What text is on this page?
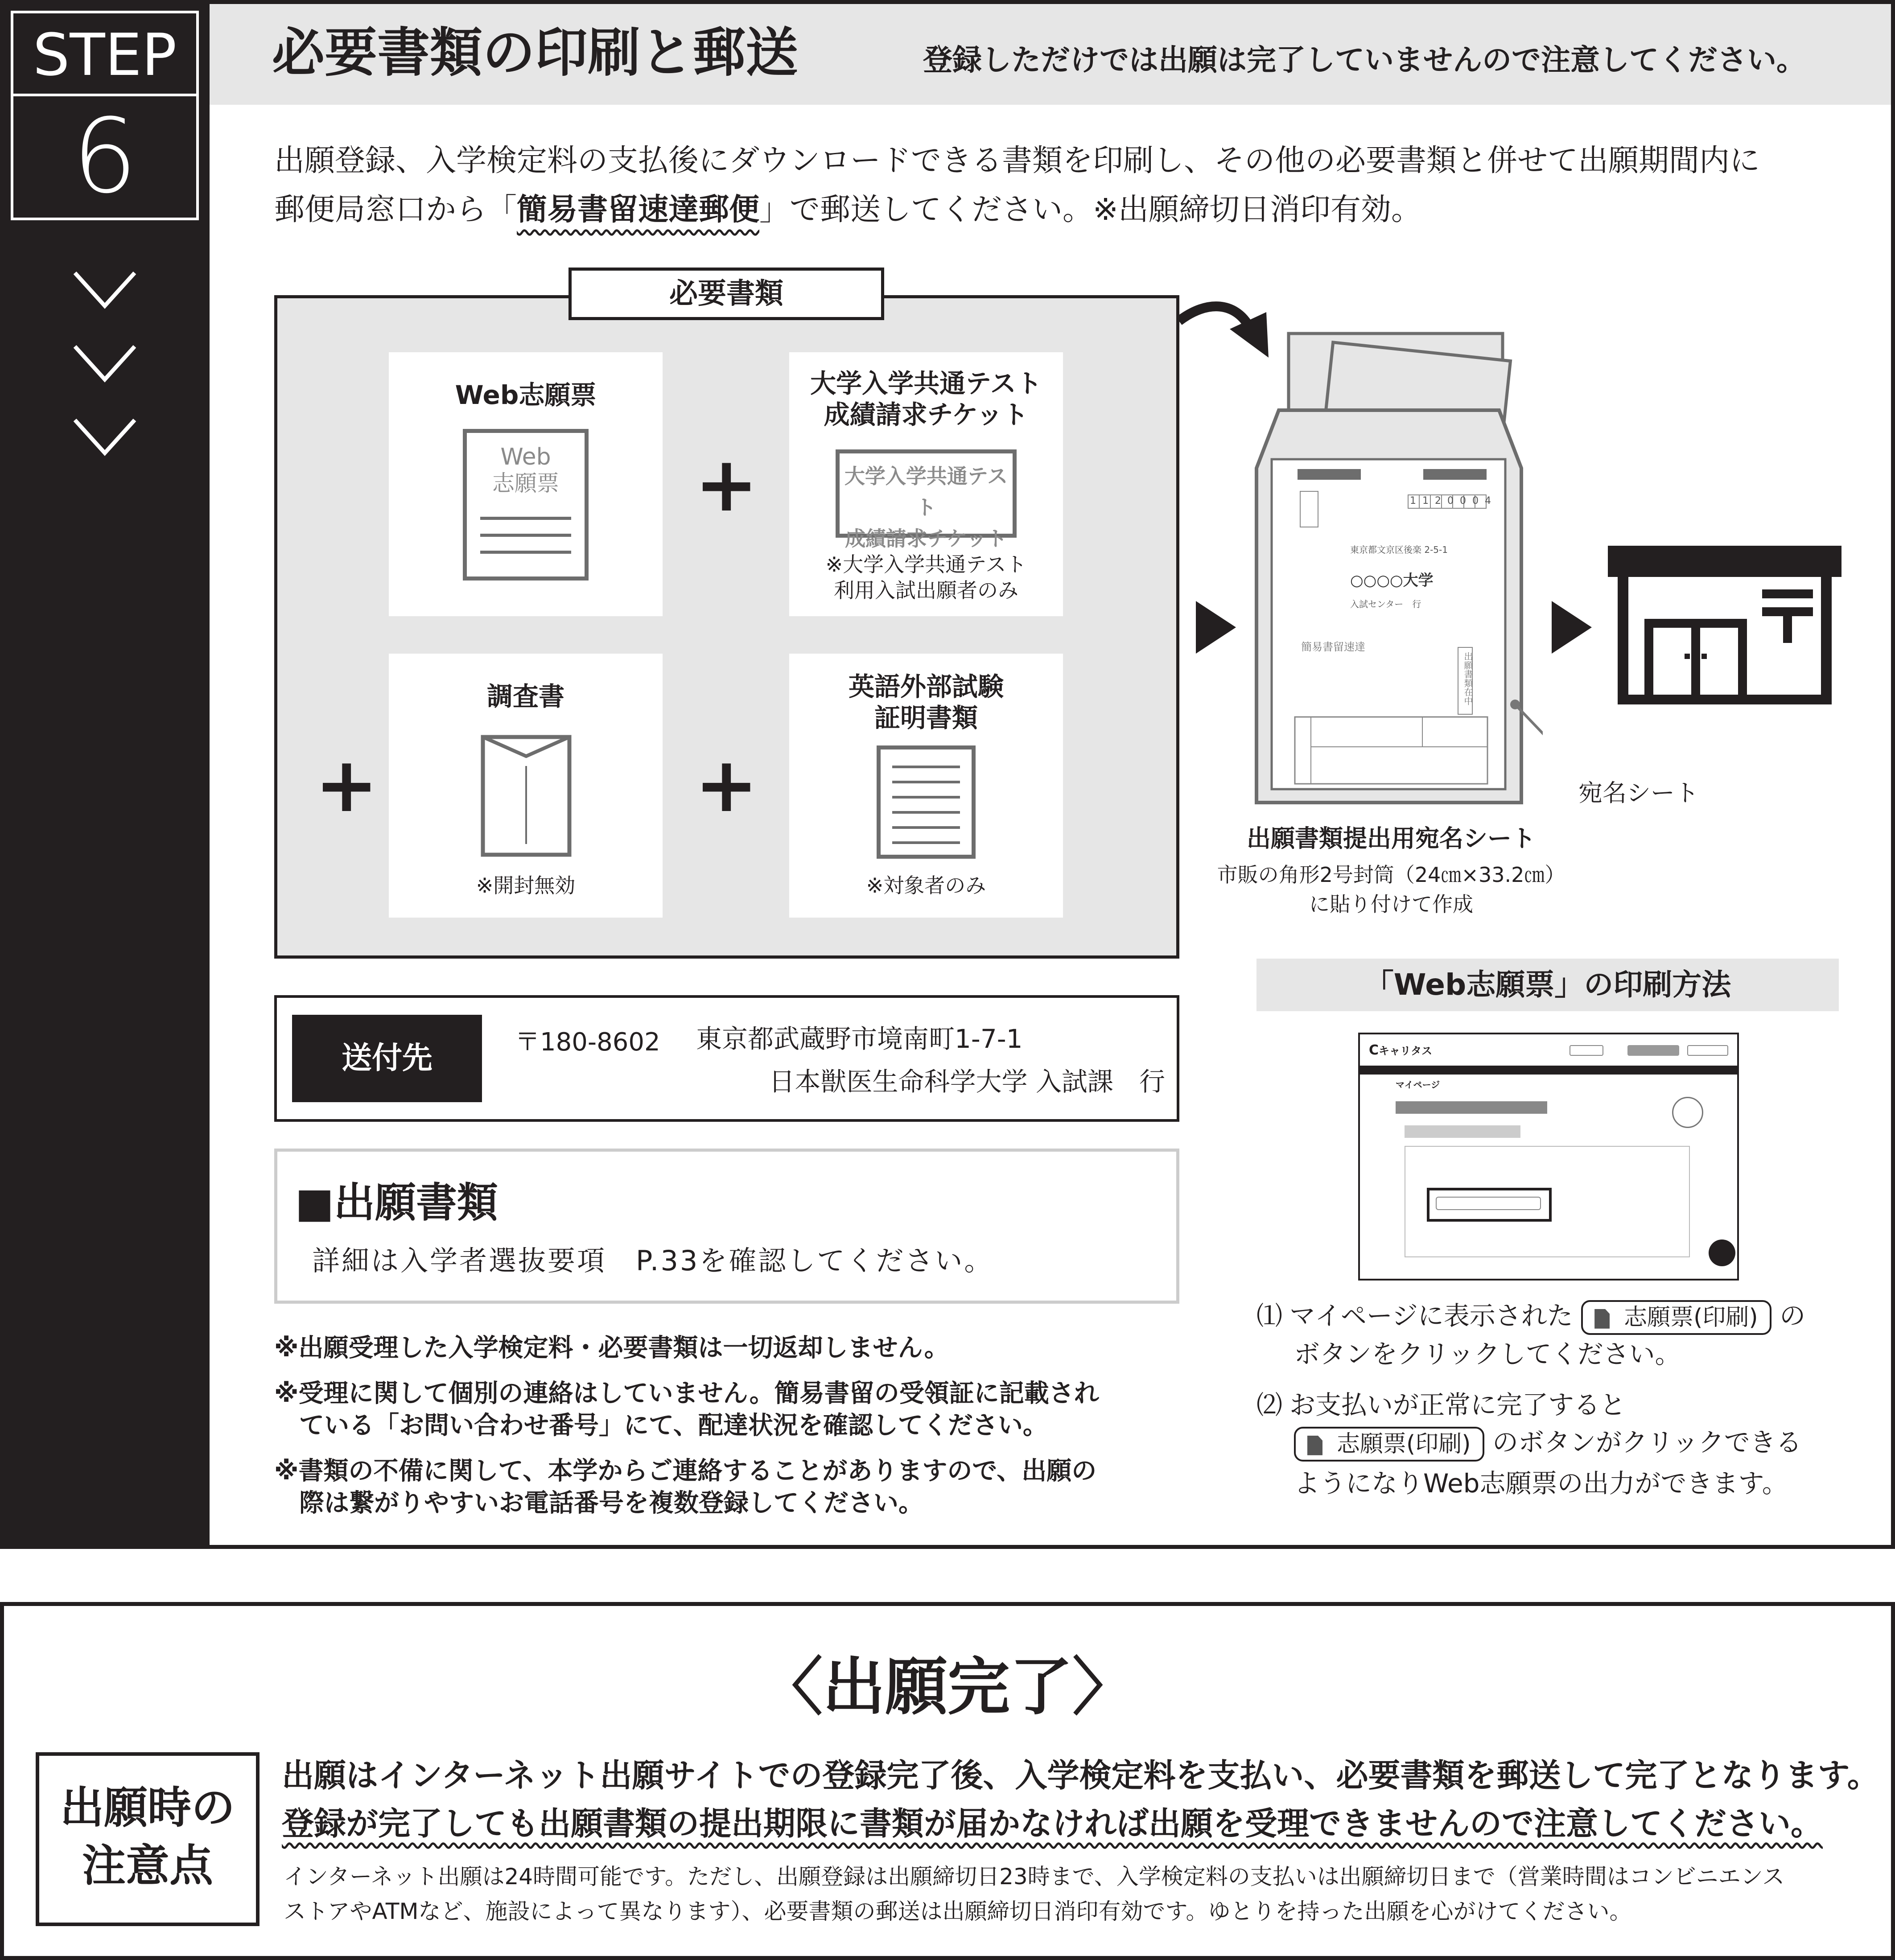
STEP
6
必要書類の印刷と郵送	登録しただけでは出願は完了していませんので注意してください。
出願登録、入学検定料の支払後にダウンロードできる書類を印刷し、その他の必要書類と併せて出願期間内に
郵便局窓口から「簡易書留速達郵便」で郵送してください。※出願締切日消印有効。
必要書類
Web志願票
Web
志願票	+
大学入学共通テスト
成績請求チケット
大学入学共通テスト
成績請求チケット
※大学入学共通テスト
利用入試出願者のみ
+
調査書
※開封無効
+
英語外部試験
証明書類
※対象者のみ
速　　達
1120004
東京都文京区後楽 2-5-1
○○○○大学
入試センター　行
簡易書留速達
出願書類在中
宛名シート
出願書類提出用宛名シート
市販の角形2号封筒（24㎝×33.2㎝）
に貼り付けて作成
送付先	〒180-8602 東京都武蔵野市境南町1-7-1
日本獣医生命科学大学 入試課　行
■出願書類
詳細は入学者選抜要項　P.33を確認してください。
※出願受理した入学検定料・必要書類は一切返却しません。
※受理に関して個別の連絡はしていません。簡易書留の受領証に記載され
　ている「お問い合わせ番号」にて、配達状況を確認してください。
※書類の不備に関して、本学からご連絡することがありますので、出願の
　際は繋がりやすいお電話番号を複数登録してください。
「Web志願票」の印刷方法
Cキャリタス
マイページ
⑴ マイページに表示された 志願票(印刷) の
ボタンをクリックしてください。
⑵ お支払いが正常に完了すると
志願票(印刷) のボタンがクリックできる
ようになりWeb志願票の出力ができます。
〈出願完了〉
出願時の
注意点
出願はインターネット出願サイトでの登録完了後、入学検定料を支払い、必要書類を郵送して完了となります。
登録が完了しても出願書類の提出期限に書類が届かなければ出願を受理できませんので注意してください。
インターネット出願は24時間可能です。ただし、出願登録は出願締切日23時まで、入学検定料の支払いは出願締切日まで（営業時間はコンビニエンス
ストアやATMなど、施設によって異なります）、必要書類の郵送は出願締切日消印有効です。ゆとりを持った出願を心がけてください。
